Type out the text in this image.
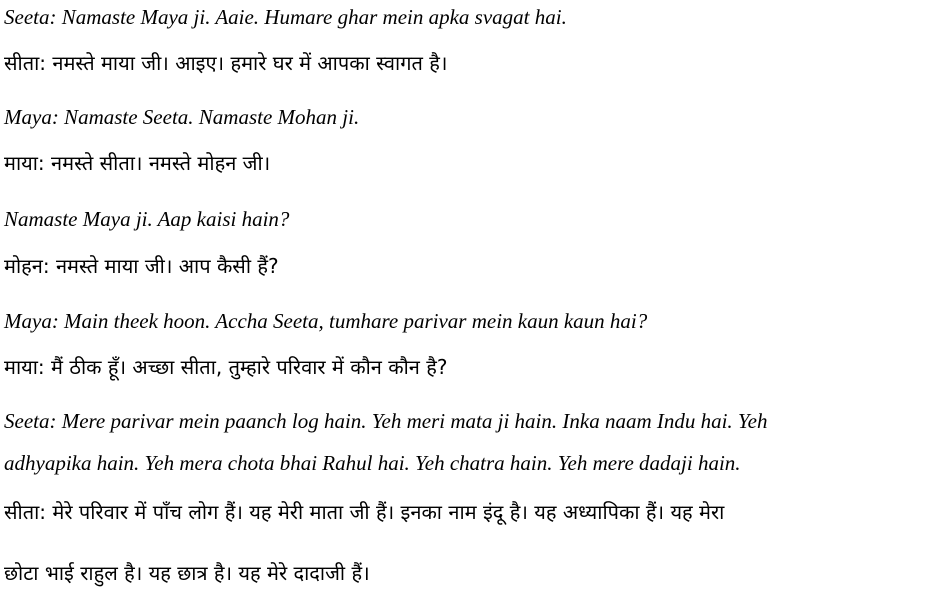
Seeta: Namaste Maya ji. Aaie. Humare ghar mein apka svagat hai.
सीता: नमस्ते माया जी। आइए। हमारे घर में आपका स्वागत है।
Maya: Namaste Seeta. Namaste Mohan ji.
माया: नमस्ते सीता। नमस्ते मोहन जी।
Namaste Maya ji. Aap kaisi hain?
मोहन: नमस्ते माया जी। आप कैसी हैं?
Maya: Main theek hoon. Accha Seeta, tumhare parivar mein kaun kaun hai?
माया: मैं ठीक हूँ। अच्छा सीता, तुम्हारे परिवार में कौन कौन है?
Seeta: Mere parivar mein paanch log hain. Yeh meri mata ji hain. Inka naam Indu hai. Yeh
adhyapika hain. Yeh mera chota bhai Rahul hai. Yeh chatra hain. Yeh mere dadaji hain.
सीता: मेरे परिवार में पाँच लोग हैं। यह मेरी माता जी हैं। इनका नाम इंदू है। यह अध्यापिका हैं। यह मेरा
छोटा भाई राहुल है। यह छात्र है। यह मेरे दादाजी हैं।
